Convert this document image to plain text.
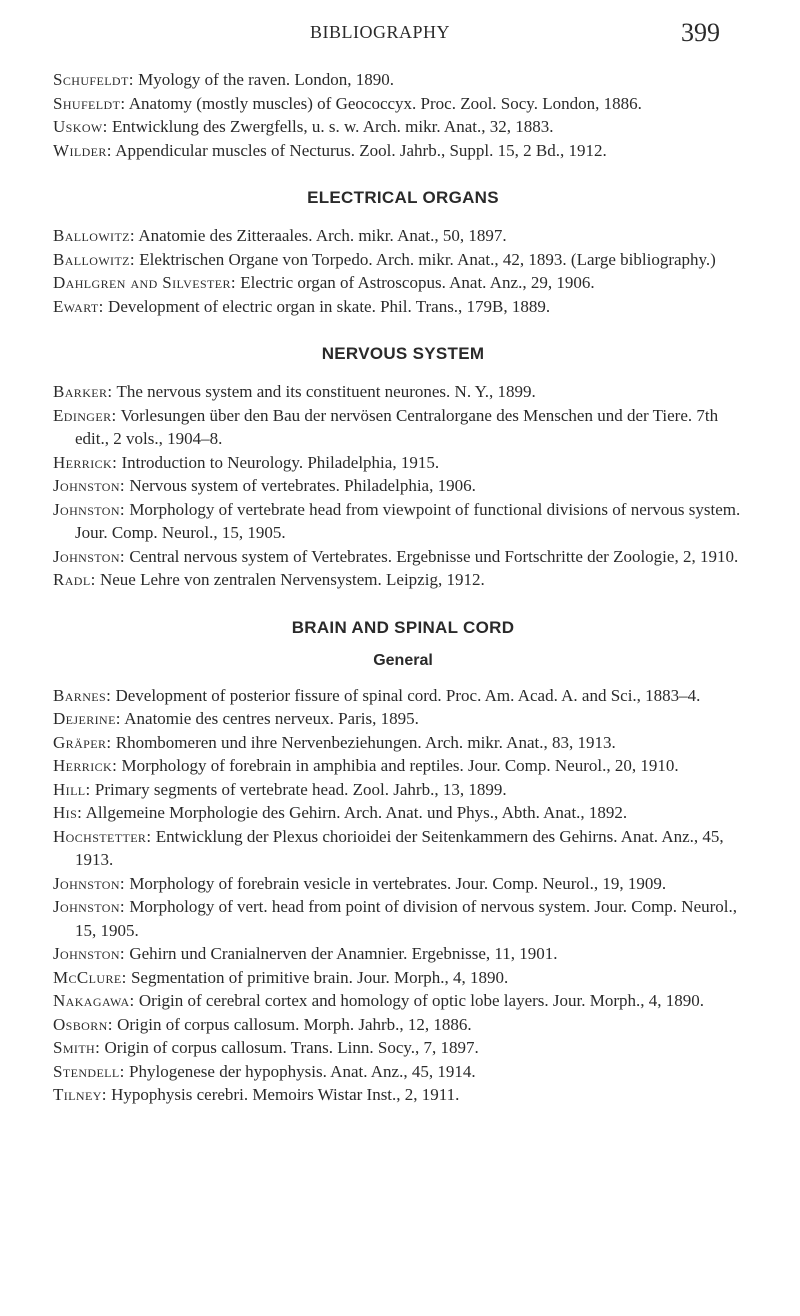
BIBLIOGRAPHY	399
Schufeldt: Myology of the raven. London, 1890.
Shufeldt: Anatomy (mostly muscles) of Geococcyx. Proc. Zool. Socy. London, 1886.
Uskow: Entwicklung des Zwergfells, u. s. w. Arch. mikr. Anat., 32, 1883.
Wilder: Appendicular muscles of Necturus. Zool. Jahrb., Suppl. 15, 2 Bd., 1912.
ELECTRICAL ORGANS
Ballowitz: Anatomie des Zitteraales. Arch. mikr. Anat., 50, 1897.
Ballowitz: Elektrischen Organe von Torpedo. Arch. mikr. Anat., 42, 1893. (Large bibliography.)
Dahlgren and Silvester: Electric organ of Astroscopus. Anat. Anz., 29, 1906.
Ewart: Development of electric organ in skate. Phil. Trans., 179B, 1889.
NERVOUS SYSTEM
Barker: The nervous system and its constituent neurones. N. Y., 1899.
Edinger: Vorlesungen über den Bau der nervösen Centralorgane des Menschen und der Tiere. 7th edit., 2 vols., 1904–8.
Herrick: Introduction to Neurology. Philadelphia, 1915.
Johnston: Nervous system of vertebrates. Philadelphia, 1906.
Johnston: Morphology of vertebrate head from viewpoint of functional divisions of nervous system. Jour. Comp. Neurol., 15, 1905.
Johnston: Central nervous system of Vertebrates. Ergebnisse und Fortschritte der Zoologie, 2, 1910.
Radl: Neue Lehre von zentralen Nervensystem. Leipzig, 1912.
BRAIN AND SPINAL CORD
General
Barnes: Development of posterior fissure of spinal cord. Proc. Am. Acad. A. and Sci., 1883–4.
Dejerine: Anatomie des centres nerveux. Paris, 1895.
Gräper: Rhombomeren und ihre Nervenbeziehungen. Arch. mikr. Anat., 83, 1913.
Herrick: Morphology of forebrain in amphibia and reptiles. Jour. Comp. Neurol., 20, 1910.
Hill: Primary segments of vertebrate head. Zool. Jahrb., 13, 1899.
His: Allgemeine Morphologie des Gehirn. Arch. Anat. und Phys., Abth. Anat., 1892.
Hochstetter: Entwicklung der Plexus chorioidei der Seitenkammern des Gehirns. Anat. Anz., 45, 1913.
Johnston: Morphology of forebrain vesicle in vertebrates. Jour. Comp. Neurol., 19, 1909.
Johnston: Morphology of vert. head from point of division of nervous system. Jour. Comp. Neurol., 15, 1905.
Johnston: Gehirn und Cranialnerven der Anamnier. Ergebnisse, 11, 1901.
McClure: Segmentation of primitive brain. Jour. Morph., 4, 1890.
Nakagawa: Origin of cerebral cortex and homology of optic lobe layers. Jour. Morph., 4, 1890.
Osborn: Origin of corpus callosum. Morph. Jahrb., 12, 1886.
Smith: Origin of corpus callosum. Trans. Linn. Socy., 7, 1897.
Stendell: Phylogenese der hypophysis. Anat. Anz., 45, 1914.
Tilney: Hypophysis cerebri. Memoirs Wistar Inst., 2, 1911.
